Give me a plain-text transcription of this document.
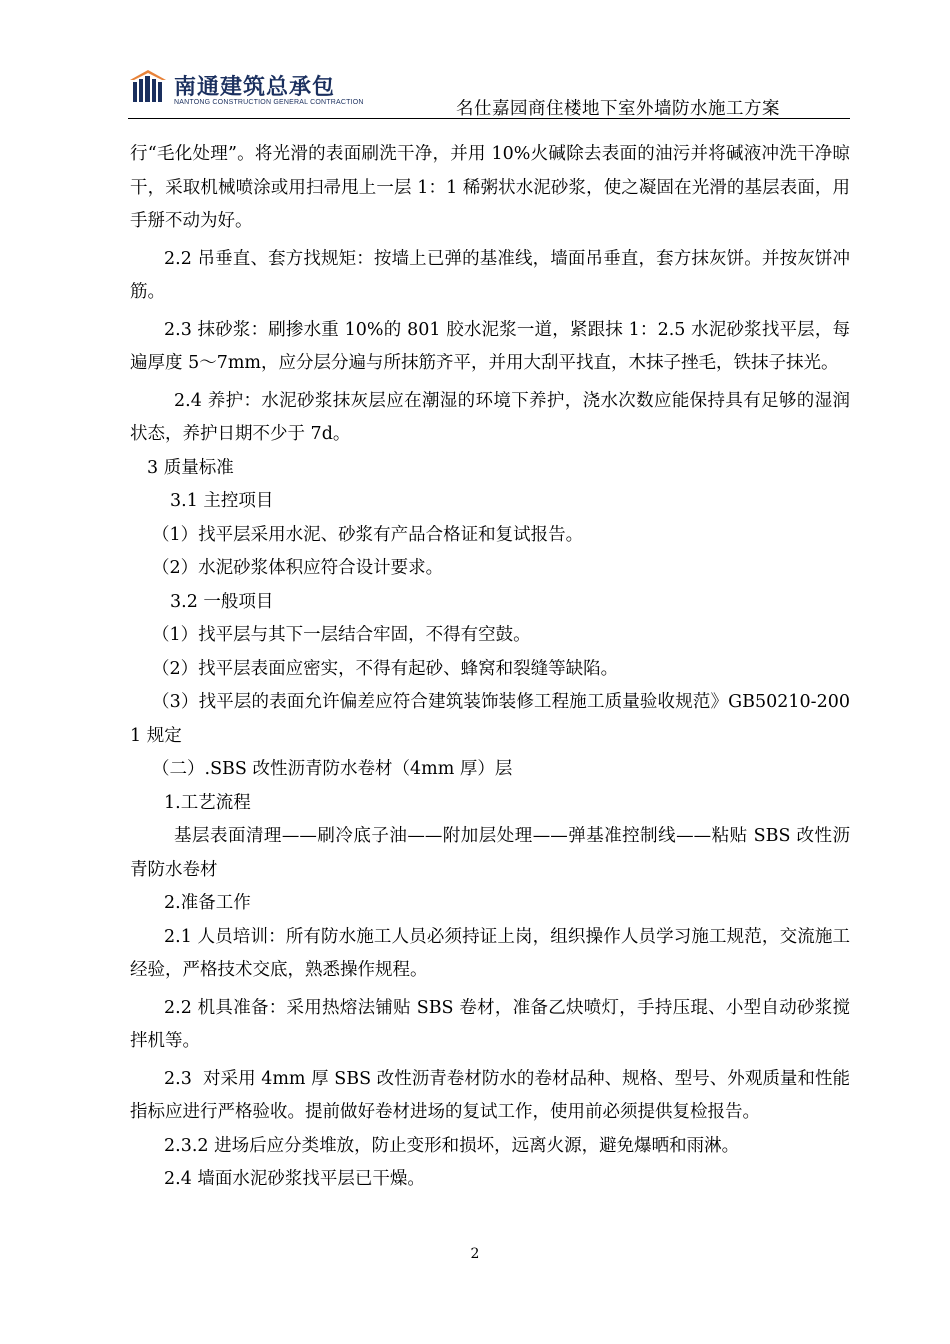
南通建筑总承包
NANTONG CONSTRUCTION GENERAL CONTRACTION	名仕嘉园商住楼地下室外墙防水施工方案

行“毛化处理”。将光滑的表面刷洗干净，并用 10%火碱除去表面的油污并将碱液冲洗干净晾干，采取机械喷涂或用扫帚甩上一层 1：1 稀粥状水泥砂浆，使之凝固在光滑的基层表面，用手掰不动为好。

2.2 吊垂直、套方找规矩：按墙上已弹的基准线，墙面吊垂直，套方抹灰饼。并按灰饼冲筋。

2.3 抹砂浆：刷掺水重 10%的 801 胶水泥浆一道，紧跟抹 1：2.5 水泥砂浆找平层，每遍厚度 5～7mm，应分层分遍与所抹筋齐平，并用大刮平找直，木抹子挫毛，铁抹子抹光。

2.4 养护：水泥砂浆抹灰层应在潮湿的环境下养护，浇水次数应能保持具有足够的湿润状态，养护日期不少于 7d。

3 质量标准

3.1 主控项目

（1）找平层采用水泥、砂浆有产品合格证和复试报告。

（2）水泥砂浆体积应符合设计要求。

3.2 一般项目

（1）找平层与其下一层结合牢固，不得有空鼓。

（2）找平层表面应密实，不得有起砂、蜂窝和裂缝等缺陷。

（3）找平层的表面允许偏差应符合建筑装饰装修工程施工质量验收规范》GB50210-2001 规定

（二）.SBS 改性沥青防水卷材（4mm 厚）层

1.工艺流程

基层表面清理——刷冷底子油——附加层处理——弹基准控制线——粘贴 SBS 改性沥青防水卷材

2.准备工作

2.1 人员培训：所有防水施工人员必须持证上岗，组织操作人员学习施工规范，交流施工经验，严格技术交底，熟悉操作规程。

2.2 机具准备：采用热熔法铺贴 SBS 卷材，准备乙炔喷灯，手持压琨、小型自动砂浆搅拌机等。

2.3  对采用 4mm 厚 SBS 改性沥青卷材防水的卷材品种、规格、型号、外观质量和性能指标应进行严格验收。提前做好卷材进场的复试工作，使用前必须提供复检报告。

2.3.2 进场后应分类堆放，防止变形和损坏，远离火源，避免爆晒和雨淋。

2.4 墙面水泥砂浆找平层已干燥。

2
